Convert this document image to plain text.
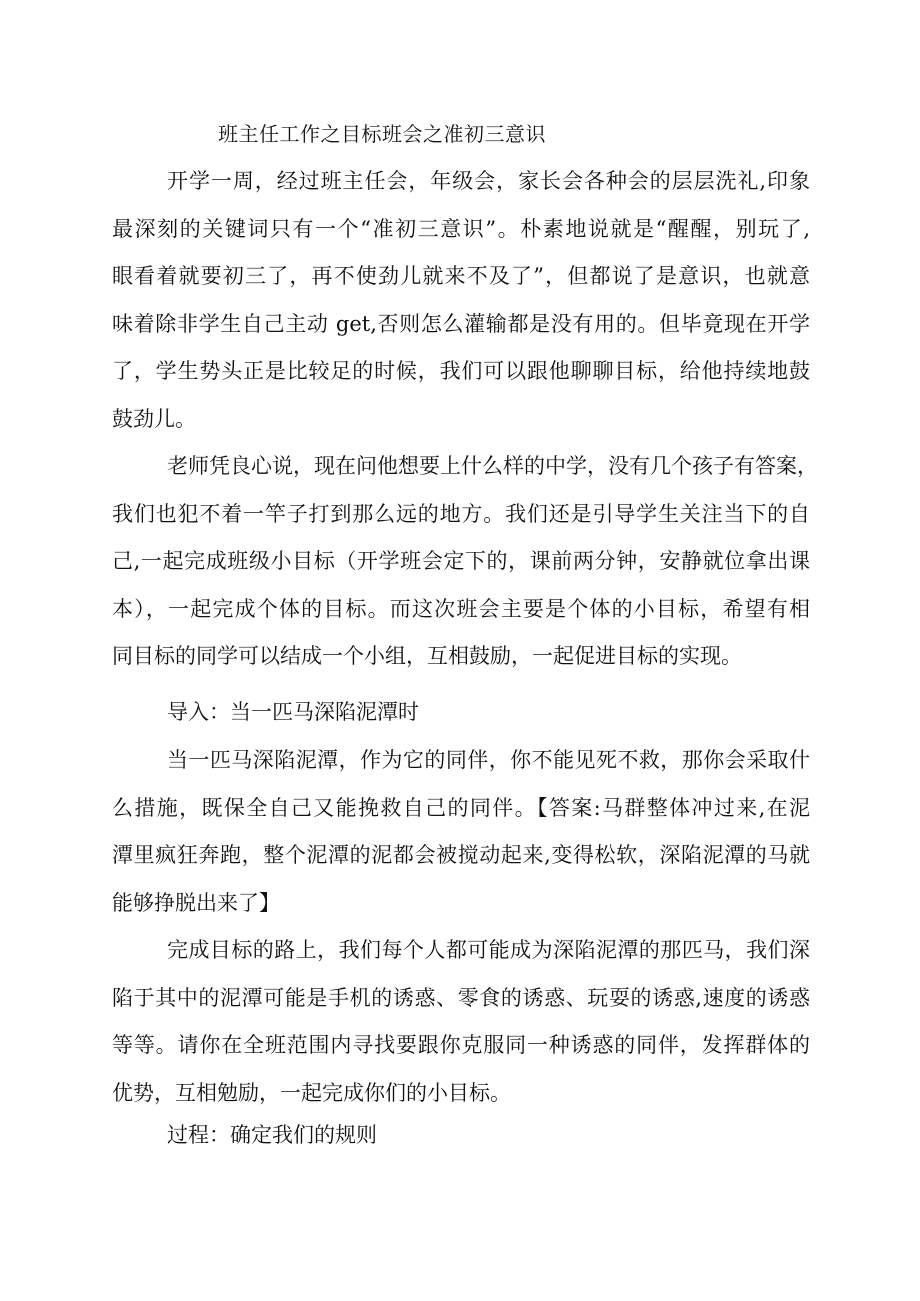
班主任工作之目标班会之准初三意识
开学一周，经过班主任会，年级会，家长会各种会的层层洗礼,印象
最深刻的关键词只有一个“准初三意识”。朴素地说就是“醒醒，别玩了,
眼看着就要初三了，再不使劲儿就来不及了”，但都说了是意识，也就意
味着除非学生自己主动 get,否则怎么灌输都是没有用的。但毕竟现在开学
了，学生势头正是比较足的时候，我们可以跟他聊聊目标，给他持续地鼓
鼓劲儿。
老师凭良心说，现在问他想要上什么样的中学，没有几个孩子有答案，
我们也犯不着一竿子打到那么远的地方。我们还是引导学生关注当下的自
己,一起完成班级小目标（开学班会定下的，课前两分钟，安静就位拿出课
本），一起完成个体的目标。而这次班会主要是个体的小目标，希望有相
同目标的同学可以结成一个小组，互相鼓励，一起促进目标的实现。
导入：当一匹马深陷泥潭时
当一匹马深陷泥潭，作为它的同伴，你不能见死不救，那你会采取什
么措施，既保全自己又能挽救自己的同伴。【答案:马群整体冲过来,在泥
潭里疯狂奔跑，整个泥潭的泥都会被搅动起来,变得松软，深陷泥潭的马就
能够挣脱出来了】
完成目标的路上，我们每个人都可能成为深陷泥潭的那匹马，我们深
陷于其中的泥潭可能是手机的诱惑、零食的诱惑、玩耍的诱惑,速度的诱惑
等等。请你在全班范围内寻找要跟你克服同一种诱惑的同伴，发挥群体的
优势，互相勉励，一起完成你们的小目标。
过程：确定我们的规则
